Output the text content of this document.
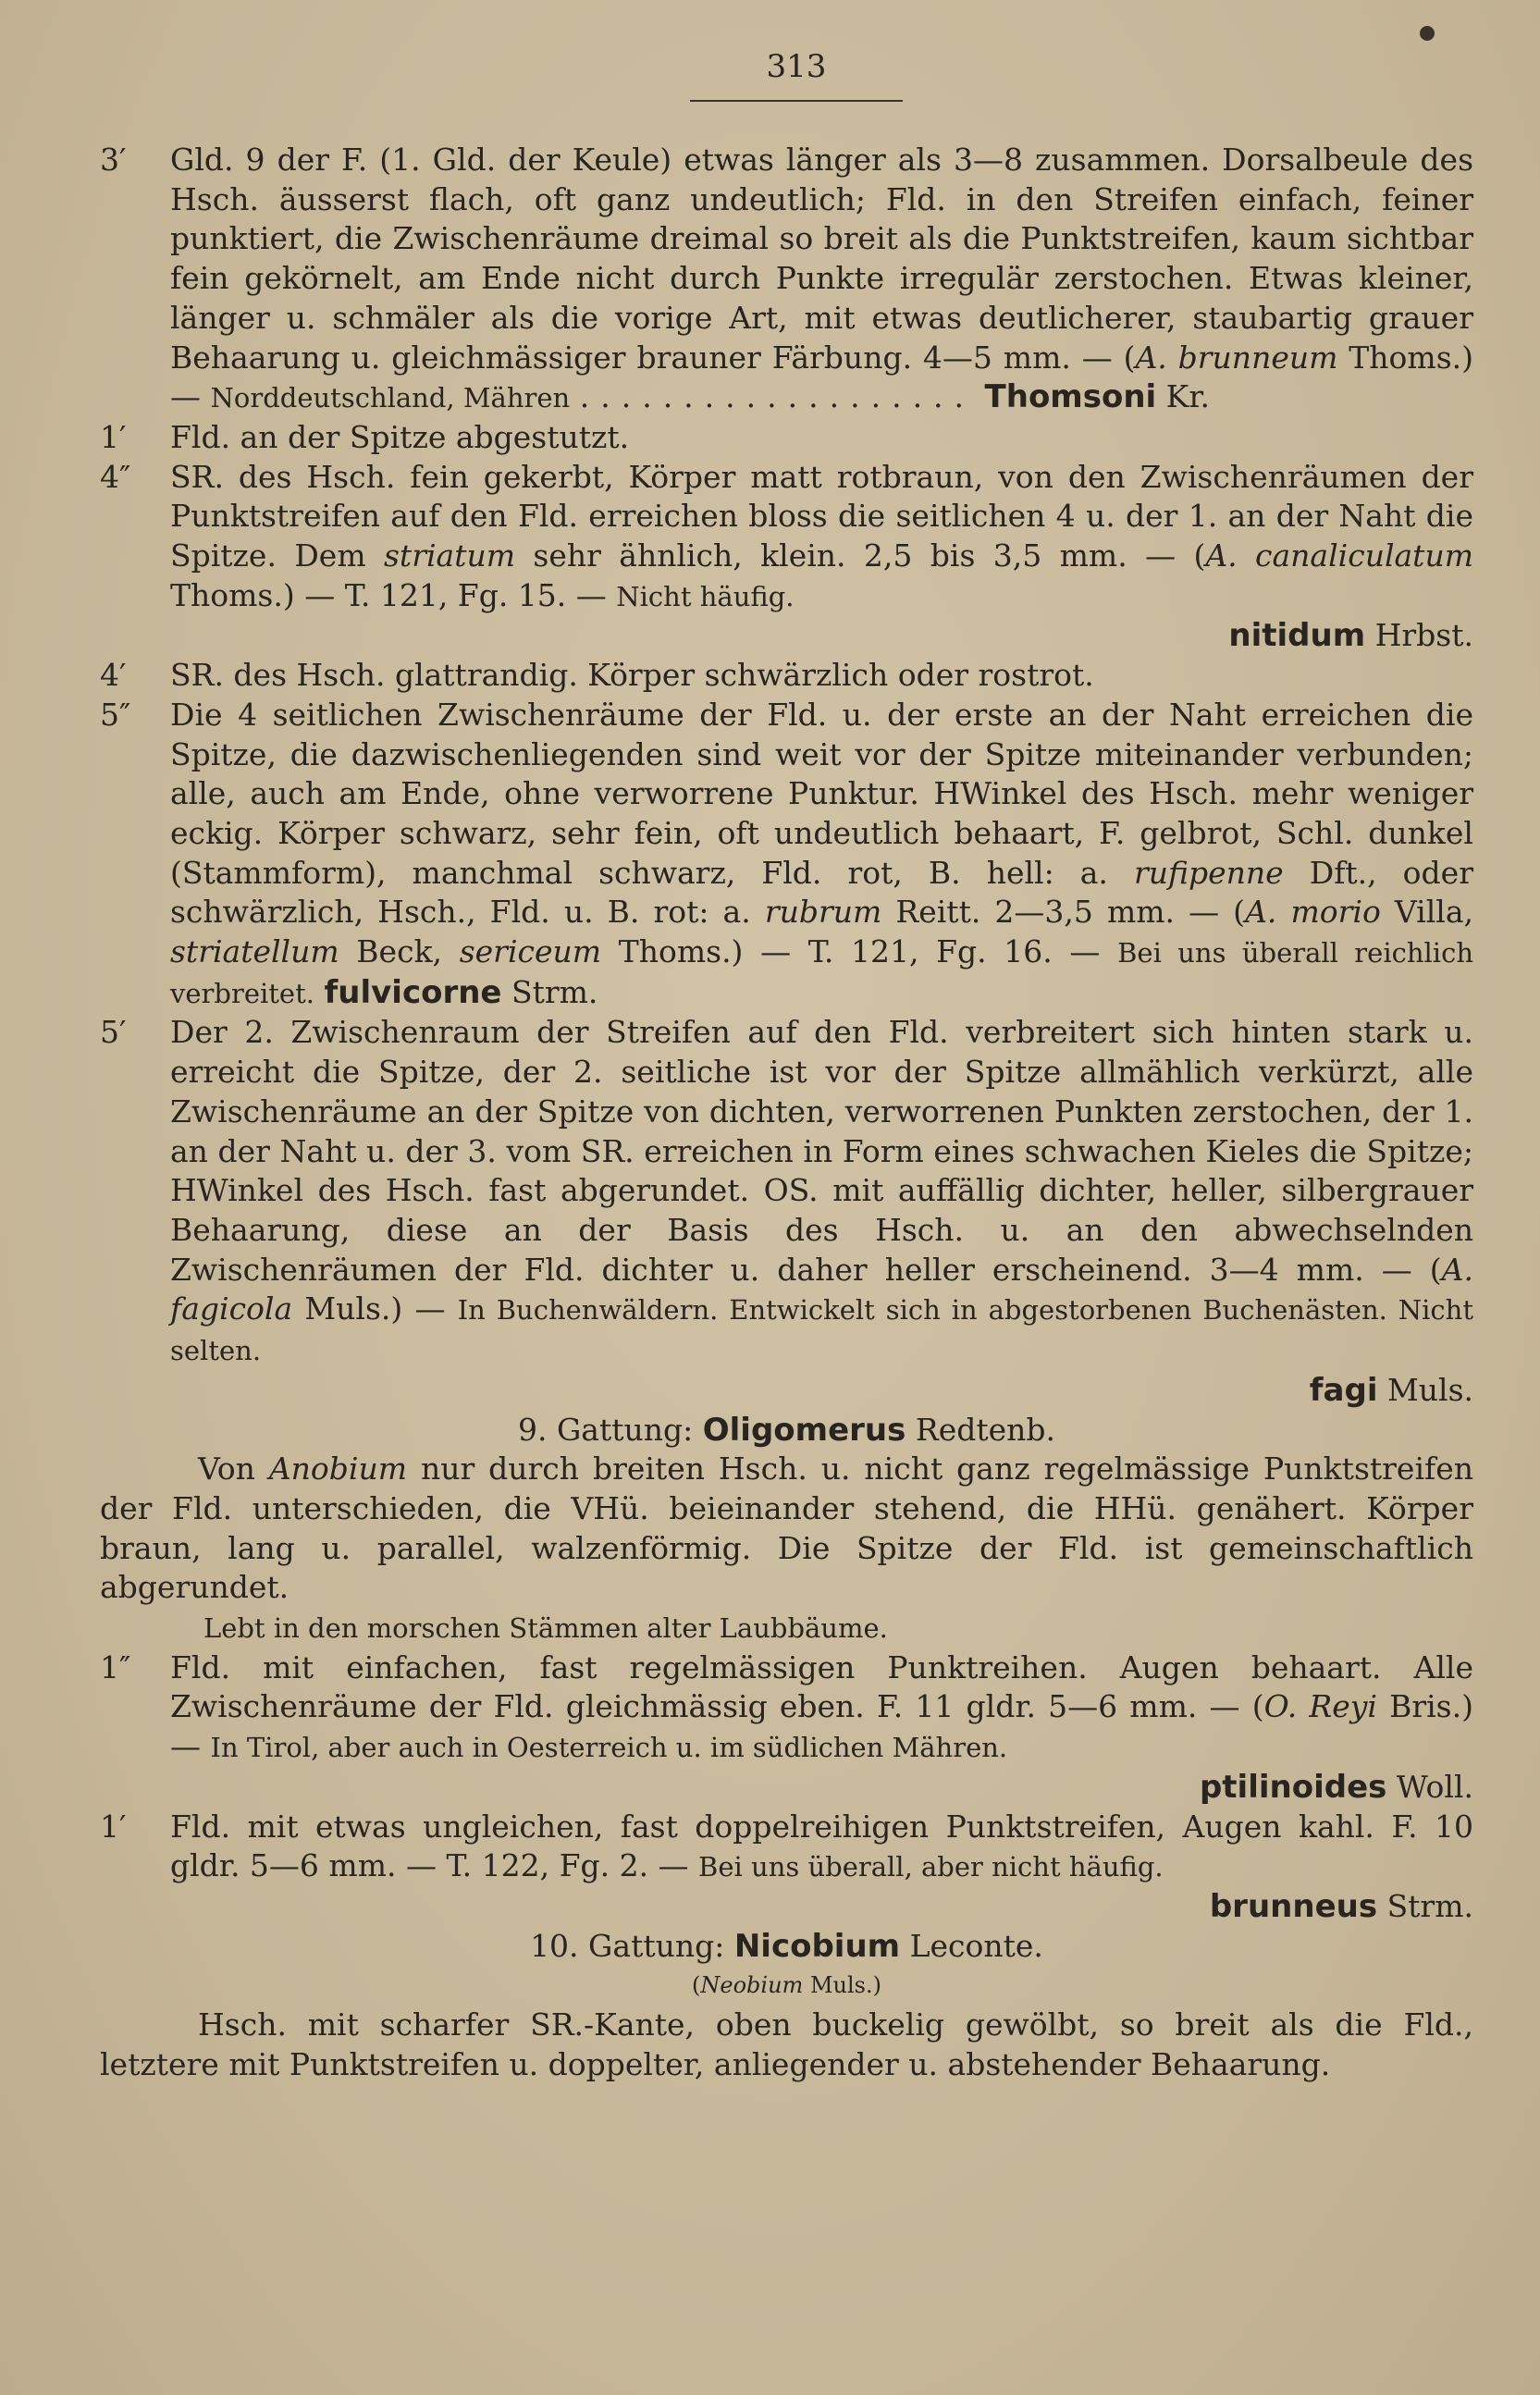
313
3′	Gld. 9 der F. (1. Gld. der Keule) etwas länger als 3—8 zusammen. Dorsalbeule des Hsch. äusserst flach, oft ganz undeutlich; Fld. in den Streifen einfach, feiner punktiert, die Zwischenräume dreimal so breit als die Punktstreifen, kaum sichtbar fein gekörnelt, am Ende nicht durch Punkte irregulär zerstochen. Etwas kleiner, länger u. schmäler als die vorige Art, mit etwas deutlicherer, staubartig grauer Behaarung u. gleichmässiger brauner Färbung. 4—5 mm. — (A. brunneum Thoms.) — Norddeutschland, Mähren ................... Thomsoni Kr.
1′	Fld. an der Spitze abgestutzt.
4″	SR. des Hsch. fein gekerbt, Körper matt rotbraun, von den Zwischenräumen der Punktstreifen auf den Fld. erreichen bloss die seitlichen 4 u. der 1. an der Naht die Spitze. Dem striatum sehr ähnlich, klein. 2,5 bis 3,5 mm. — (A. canaliculatum Thoms.) — T. 121, Fg. 15. — Nicht häufig.
nitidum Hrbst.
4′	SR. des Hsch. glattrandig. Körper schwärzlich oder rostrot.
5″	Die 4 seitlichen Zwischenräume der Fld. u. der erste an der Naht erreichen die Spitze, die dazwischenliegenden sind weit vor der Spitze miteinander verbunden; alle, auch am Ende, ohne verworrene Punktur. HWinkel des Hsch. mehr weniger eckig. Körper schwarz, sehr fein, oft undeutlich behaart, F. gelbrot, Schl. dunkel (Stammform), manchmal schwarz, Fld. rot, B. hell: a. rufipenne Dft., oder schwärzlich, Hsch., Fld. u. B. rot: a. rubrum Reitt. 2—3,5 mm. — (A. morio Villa, striatellum Beck, sericeum Thoms.) — T. 121, Fg. 16. — Bei uns überall reichlich verbreitet. fulvicorne Strm.
5′	Der 2. Zwischenraum der Streifen auf den Fld. verbreitert sich hinten stark u. erreicht die Spitze, der 2. seitliche ist vor der Spitze allmählich verkürzt, alle Zwischenräume an der Spitze von dichten, verworrenen Punkten zerstochen, der 1. an der Naht u. der 3. vom SR. erreichen in Form eines schwachen Kieles die Spitze; HWinkel des Hsch. fast abgerundet. OS. mit auffällig dichter, heller, silbergrauer Behaarung, diese an der Basis des Hsch. u. an den abwechselnden Zwischenräumen der Fld. dichter u. daher heller erscheinend. 3—4 mm. — (A. fagicola Muls.) — In Buchenwäldern. Entwickelt sich in abgestorbenen Buchenästen. Nicht selten.
fagi Muls.
9. Gattung: Oligomerus Redtenb.
Von Anobium nur durch breiten Hsch. u. nicht ganz regelmässige Punktstreifen der Fld. unterschieden, die VHü. beieinander stehend, die HHü. genähert. Körper braun, lang u. parallel, walzenförmig. Die Spitze der Fld. ist gemeinschaftlich abgerundet.
Lebt in den morschen Stämmen alter Laubbäume.
1″	Fld. mit einfachen, fast regelmässigen Punktreihen. Augen behaart. Alle Zwischenräume der Fld. gleichmässig eben. F. 11 gldr. 5—6 mm. — (O. Reyi Bris.) — In Tirol, aber auch in Oesterreich u. im südlichen Mähren.
ptilinoides Woll.
1′	Fld. mit etwas ungleichen, fast doppelreihigen Punktstreifen, Augen kahl. F. 10 gldr. 5—6 mm. — T. 122, Fg. 2. — Bei uns überall, aber nicht häufig.
brunneus Strm.
10. Gattung: Nicobium Leconte.
(Neobium Muls.)
Hsch. mit scharfer SR.-Kante, oben buckelig gewölbt, so breit als die Fld., letztere mit Punktstreifen u. doppelter, anliegender u. abstehender Behaarung.
